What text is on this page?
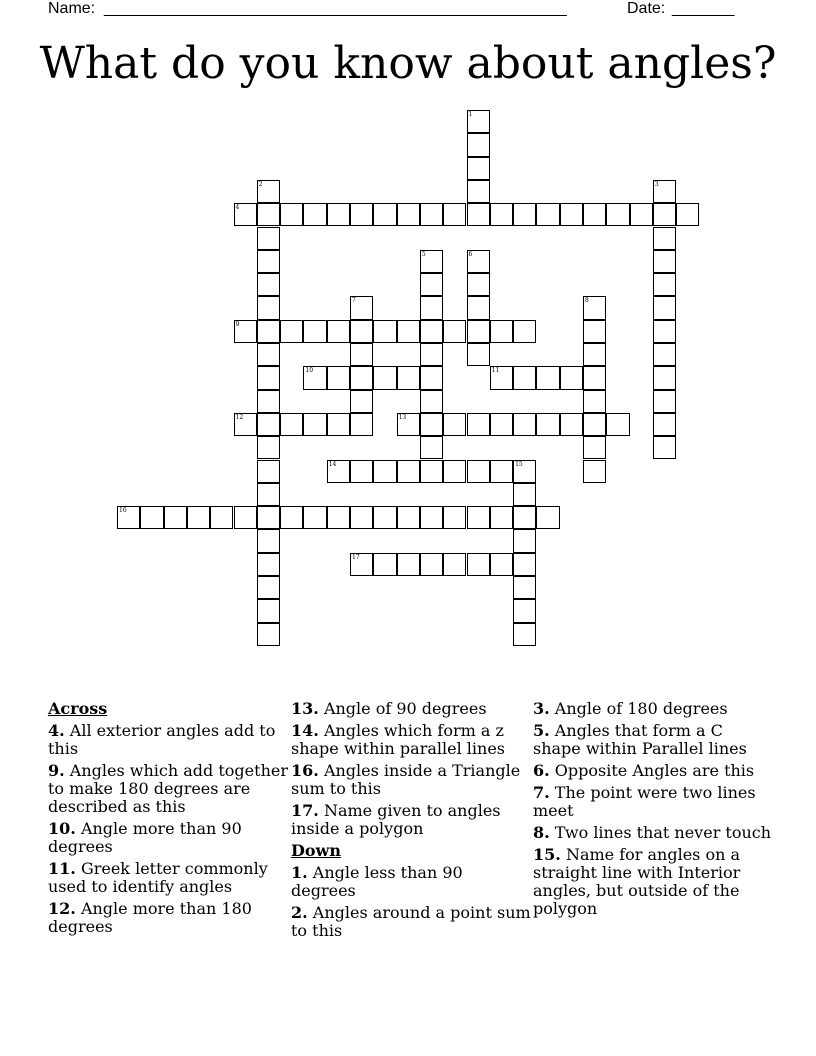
Name: ____________________________________________________	Date: _______
What do you know about angles?
1
2	3
4
5	6
7	8
9
10	11
12	13
14	15
16
17
Across
4. All exterior angles add to this
9. Angles which add together to make 180 degrees are described as this
10. Angle more than 90 degrees
11. Greek letter commonly used to identify angles
12. Angle more than 180 degrees
13. Angle of 90 degrees
14. Angles which form a z shape within parallel lines
16. Angles inside a Triangle sum to this
17. Name given to angles inside a polygon
Down
1. Angle less than 90 degrees
2. Angles around a point sum to this
3. Angle of 180 degrees
5. Angles that form a C shape within Parallel lines
6. Opposite Angles are this
7. The point were two lines meet
8. Two lines that never touch
15. Name for angles on a straight line with Interior angles, but outside of the polygon
